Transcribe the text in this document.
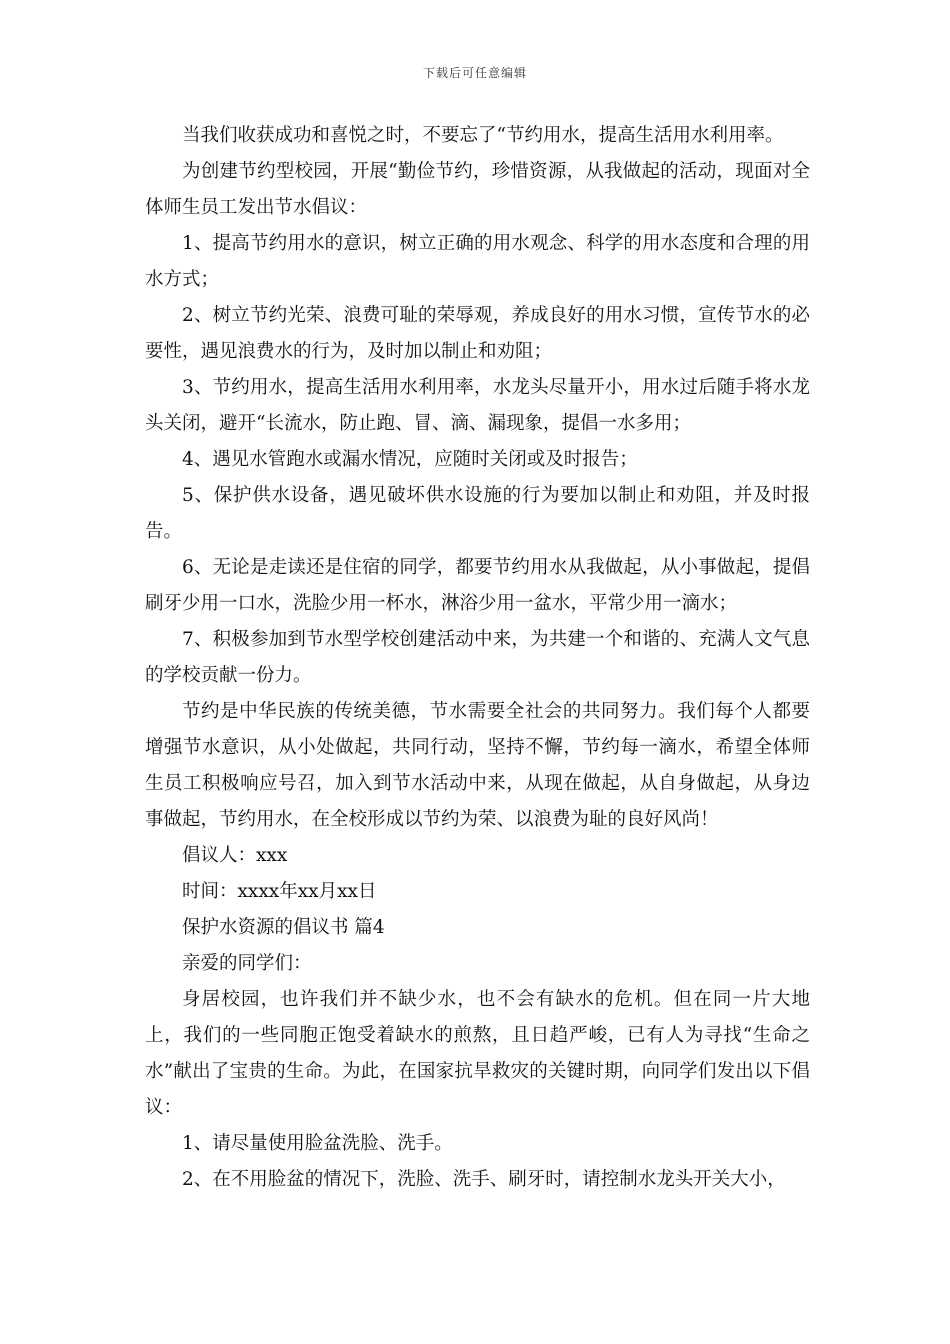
下载后可任意编辑

当我们收获成功和喜悦之时，不要忘了“节约用水，提高生活用水利用率。

为创建节约型校园，开展“勤俭节约，珍惜资源，从我做起的活动，现面对全体师生员工发出节水倡议：

1、提高节约用水的意识，树立正确的用水观念、科学的用水态度和合理的用水方式；

2、树立节约光荣、浪费可耻的荣辱观，养成良好的用水习惯，宣传节水的必要性，遇见浪费水的行为，及时加以制止和劝阻；

3、节约用水，提高生活用水利用率，水龙头尽量开小，用水过后随手将水龙头关闭，避开“长流水，防止跑、冒、滴、漏现象，提倡一水多用；

4、遇见水管跑水或漏水情况，应随时关闭或及时报告；

5、保护供水设备，遇见破坏供水设施的行为要加以制止和劝阻，并及时报告。

6、无论是走读还是住宿的同学，都要节约用水从我做起，从小事做起，提倡刷牙少用一口水，洗脸少用一杯水，淋浴少用一盆水，平常少用一滴水；

7、积极参加到节水型学校创建活动中来，为共建一个和谐的、充满人文气息的学校贡献一份力。

节约是中华民族的传统美德，节水需要全社会的共同努力。我们每个人都要增强节水意识，从小处做起，共同行动，坚持不懈，节约每一滴水，希望全体师生员工积极响应号召，加入到节水活动中来，从现在做起，从自身做起，从身边事做起，节约用水，在全校形成以节约为荣、以浪费为耻的良好风尚！

倡议人：xxx

时间：xxxx年xx月xx日

保护水资源的倡议书 篇4

亲爱的同学们：

身居校园，也许我们并不缺少水，也不会有缺水的危机。但在同一片大地上，我们的一些同胞正饱受着缺水的煎熬，且日趋严峻，已有人为寻找“生命之水”献出了宝贵的生命。为此，在国家抗旱救灾的关键时期，向同学们发出以下倡议：

1、请尽量使用脸盆洗脸、洗手。

2、在不用脸盆的情况下，洗脸、洗手、刷牙时，请控制水龙头开关大小，
